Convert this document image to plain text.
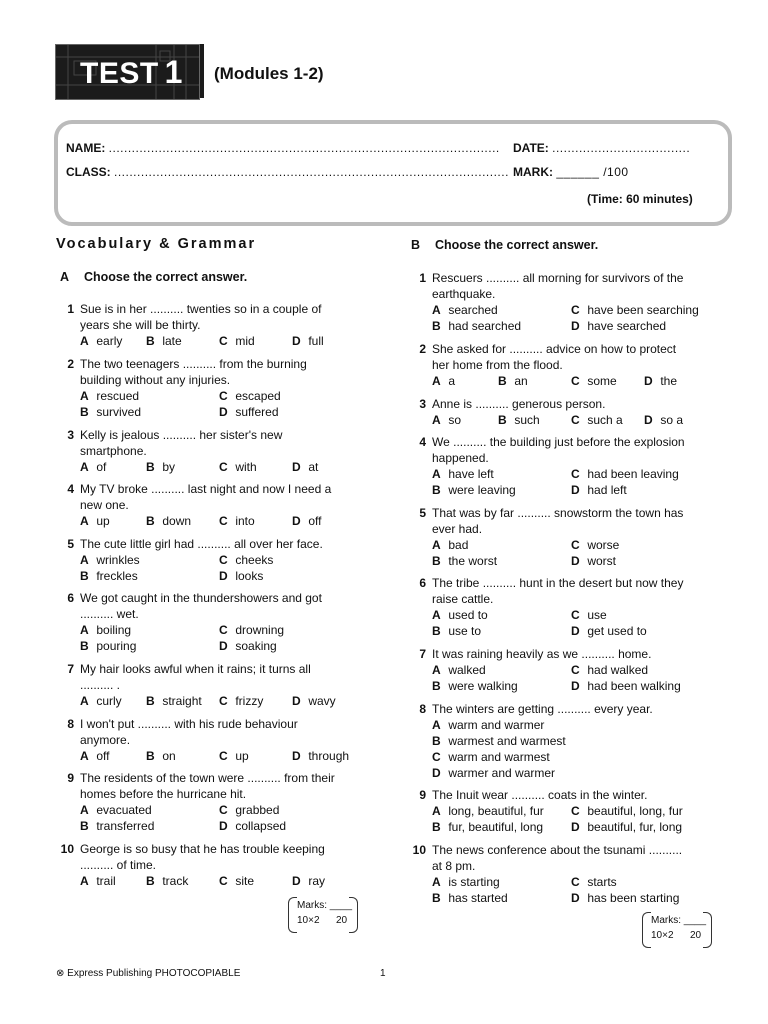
TEST 1 (Modules 1-2)
NAME: ...................................................................................................... DATE: ....................................
CLASS: ....................................................................................................... MARK: ______ /100
(Time: 60 minutes)
Vocabulary & Grammar
A Choose the correct answer.
B Choose the correct answer.
1 Sue is in her .......... twenties so in a couple of
years she will be thirty.
A early B late	C mid	D full
2 The two teenagers .......... from the burning
building without any injuries.
A rescued	C escaped
B survived	D suffered
3 Kelly is jealous .......... her sister's new
smartphone.
A of	B by	C with	D at
4 My TV broke .......... last night and now I need a
new one.
A up	B down C into	D off
5 The cute little girl had .......... all over her face.
A wrinkles	C cheeks
B freckles	D looks
6 We got caught in the thundershowers and got
.......... wet.
A boiling	C drowning
B pouring	D soaking
7 My hair looks awful when it rains; it turns all
.......... .
A curly B straight C frizzy D wavy
8 I won't put .......... with his rude behaviour
anymore.
A off	B on	C up	D through
9 The residents of the town were .......... from their
homes before the hurricane hit.
A evacuated	C grabbed
B transferred	D collapsed
10 George is so busy that he has trouble keeping
.......... of time.
A trail	B track	C site	D ray
1 Rescuers .......... all morning for survivors of the
earthquake.
A searched	C have been searching
B had searched	D have searched
2 She asked for .......... advice on how to protect
her home from the flood.
A a	B an	C some D the
3 Anne is .......... generous person.
A so	B such	C such a D so a
4 We .......... the building just before the explosion
happened.
A have left	C had been leaving
B were leaving	D had left
5 That was by far .......... snowstorm the town has
ever had.
A bad	C worse
B the worst	D worst
6 The tribe .......... hunt in the desert but now they
raise cattle.
A used to	C use
B use to	D get used to
7 It was raining heavily as we .......... home.
A walked	C had walked
B were walking	D had been walking
8 The winters are getting .......... every year.
A warm and warmer
B warmest and warmest
C warm and warmest
D warmer and warmer
9 The Inuit wear .......... coats in the winter.
A long, beautiful, fur C beautiful, long, fur
B fur, beautiful, long D beautiful, fur, long
10 The news conference about the tsunami ..........
at 8 pm.
A is starting	C starts
B has started	D has been starting
Marks: ____
10×2 20	Marks: ____
10×2 20
⊗ Express Publishing PHOTOCOPIABLE	1
